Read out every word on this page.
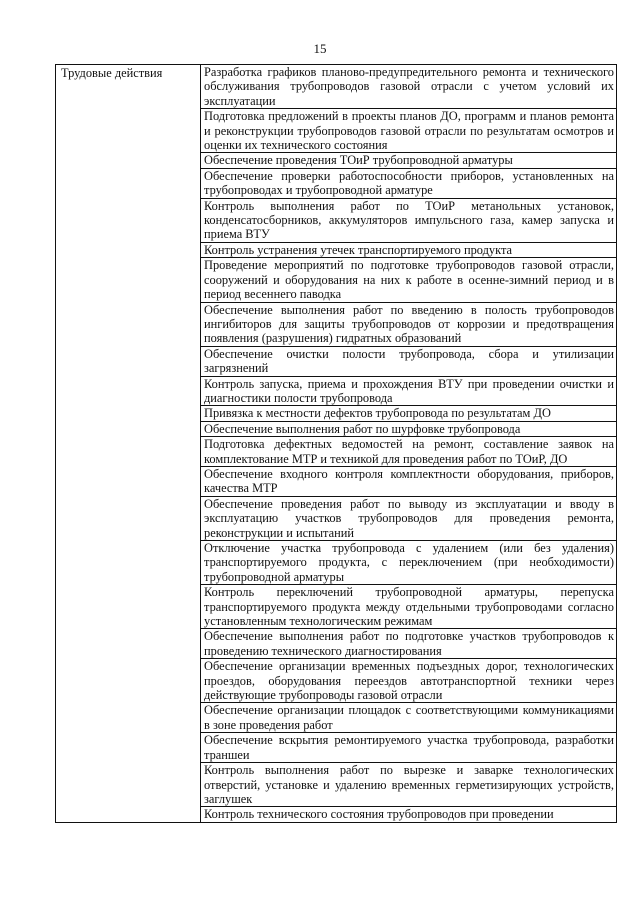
15
Трудовые действия	Разработка графиков планово-предупредительного ремонта и технического обслуживания трубопроводов газовой отрасли с учетом условий их эксплуатации
Подготовка предложений в проекты планов ДО, программ и планов ремонта и реконструкции трубопроводов газовой отрасли по результатам осмотров и оценки их технического состояния
Обеспечение проведения ТОиР трубопроводной арматуры
Обеспечение проверки работоспособности приборов, установленных на трубопроводах и трубопроводной арматуре
Контроль выполнения работ по ТОиР метанольных установок, конденсатосборников, аккумуляторов импульсного газа, камер запуска и приема ВТУ
Контроль устранения утечек транспортируемого продукта
Проведение мероприятий по подготовке трубопроводов газовой отрасли, сооружений и оборудования на них к работе в осенне-зимний период и в период весеннего паводка
Обеспечение выполнения работ по введению в полость трубопроводов ингибиторов для защиты трубопроводов от коррозии и предотвращения появления (разрушения) гидратных образований
Обеспечение очистки полости трубопровода, сбора и утилизации загрязнений
Контроль запуска, приема и прохождения ВТУ при проведении очистки и диагностики полости трубопровода
Привязка к местности дефектов трубопровода по результатам ДО
Обеспечение выполнения работ по шурфовке трубопровода
Подготовка дефектных ведомостей на ремонт, составление заявок на комплектование МТР и техникой для проведения работ по ТОиР, ДО
Обеспечение входного контроля комплектности оборудования, приборов, качества МТР
Обеспечение проведения работ по выводу из эксплуатации и вводу в эксплуатацию участков трубопроводов для проведения ремонта, реконструкции и испытаний
Отключение участка трубопровода с удалением (или без удаления) транспортируемого продукта, с переключением (при необходимости) трубопроводной арматуры
Контроль переключений трубопроводной арматуры, перепуска транспортируемого продукта между отдельными трубопроводами согласно установленным технологическим режимам
Обеспечение выполнения работ по подготовке участков трубопроводов к проведению технического диагностирования
Обеспечение организации временных подъездных дорог, технологических проездов, оборудования переездов автотранспортной техники через действующие трубопроводы газовой отрасли
Обеспечение организации площадок с соответствующими коммуникациями в зоне проведения работ
Обеспечение вскрытия ремонтируемого участка трубопровода, разработки траншеи
Контроль выполнения работ по вырезке и заварке технологических отверстий, установке и удалению временных герметизирующих устройств, заглушек
Контроль технического состояния трубопроводов при проведении
